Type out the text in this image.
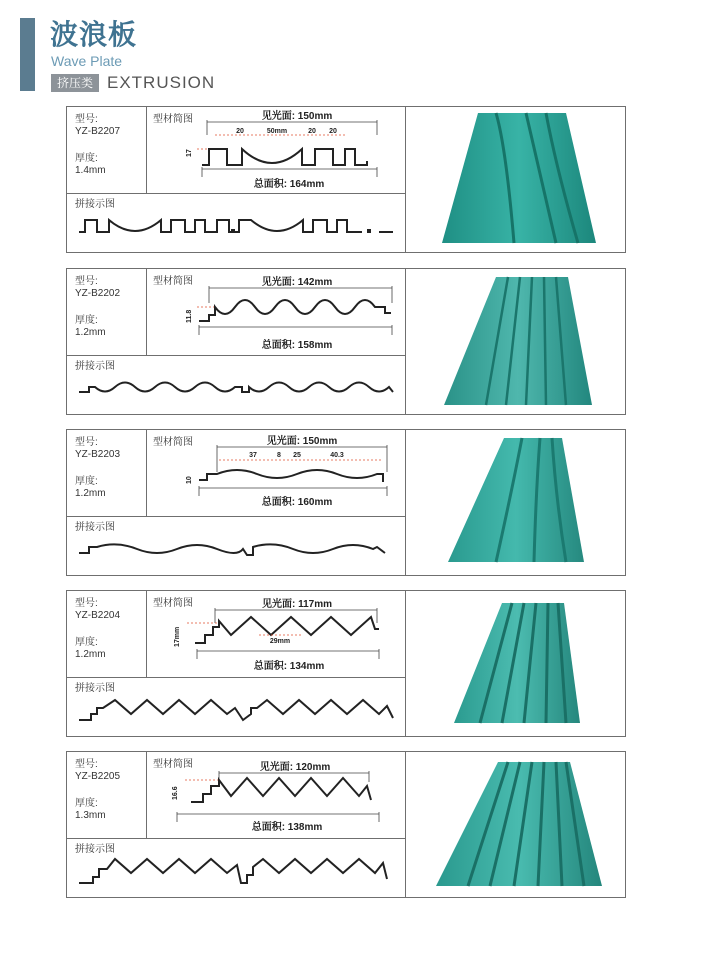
波浪板
Wave Plate
挤压类 EXTRUSION
型号:
YZ-B2207
厚度:
1.4mm
型材简图	见光面: 150mm
20	50mm	20 20
17
总面积: 164mm
拼接示图
型号:
YZ-B2202
厚度:
1.2mm
型材简图	见光面: 142mm
11.8
总面积: 158mm
拼接示图
型号:
YZ-B2203
厚度:
1.2mm
型材简图	见光面: 150mm
37	8 25	40.3
10
总面积: 160mm
拼接示图
型号:
YZ-B2204
厚度:
1.2mm
型材简图	见光面: 117mm
17mm	29mm
总面积: 134mm
拼接示图
型号:
YZ-B2205
厚度:
1.3mm
型材简图	见光面: 120mm
16.6
总面积: 138mm
拼接示图
